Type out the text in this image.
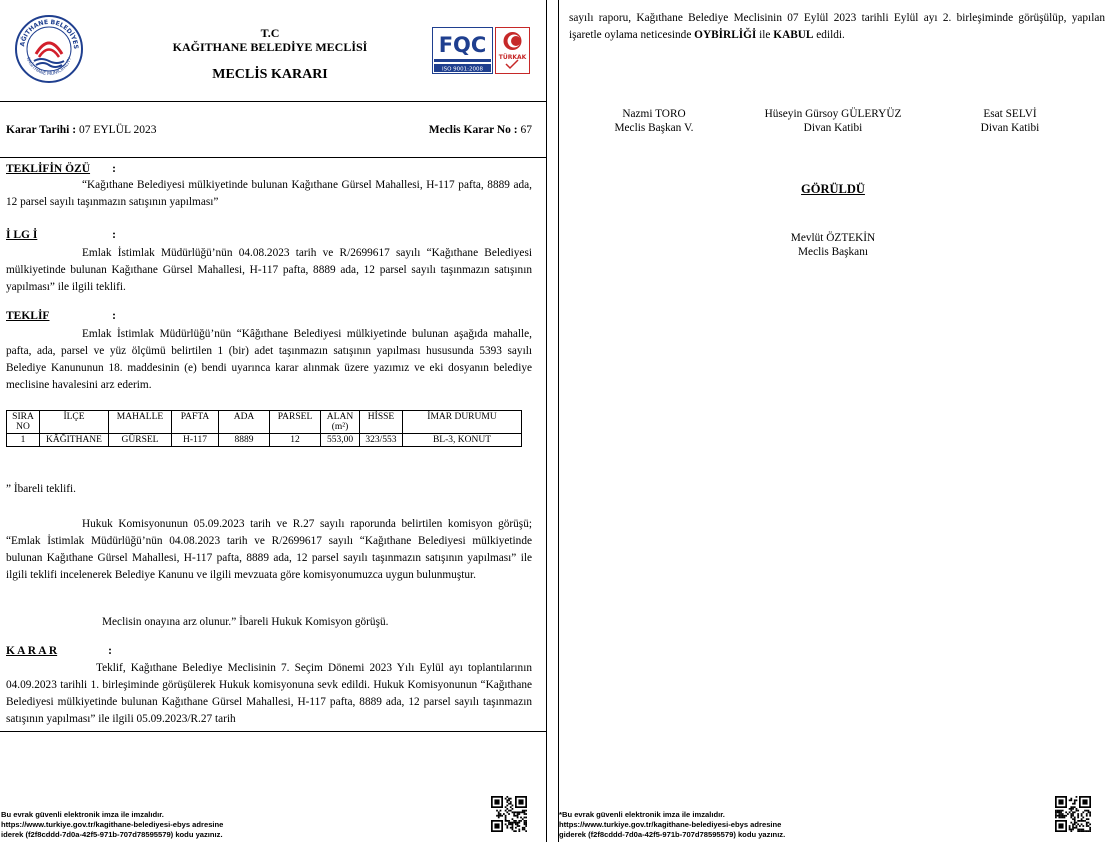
AĞITHANE BELEDİYES
KAĞITHANE MUNICIPALITY
T.C
KAĞITHANE BELEDİYE MECLİSİ
MECLİS KARARI
FQC
ISO 9001:2008
TÜRKAK
Karar Tarihi : 07 EYLÜL 2023	Meclis Karar No : 67
TEKLİFİN ÖZÜ :
“Kağıthane Belediyesi mülkiyetinde bulunan Kağıthane Gürsel Mahallesi, H-117 pafta, 8889 ada, 12 parsel sayılı taşınmazın satışının yapılması”
İ LG İ	:
Emlak İstimlak Müdürlüğü’nün 04.08.2023 tarih ve R/2699617 sayılı “Kağıthane Belediyesi mülkiyetinde bulunan Kağıthane Gürsel Mahallesi, H-117 pafta, 8889 ada, 12 parsel sayılı taşınmazın satışının yapılması” ile ilgili teklifi.
TEKLİF	:
Emlak İstimlak Müdürlüğü’nün “Kâğıthane Belediyesi mülkiyetinde bulunan aşağıda mahalle, pafta, ada, parsel ve yüz ölçümü belirtilen 1 (bir) adet taşınmazın satışının yapılması hususunda 5393 sayılı Belediye Kanununun 18. maddesinin (e) bendi uyarınca karar alınmak üzere yazımız ve eki dosyanın belediye meclisine havalesini arz ederim.
SIRA NO	İLÇE	MAHALLE	PAFTA	ADA	PARSEL	ALAN (m²)	HİSSE	İMAR DURUMU
1	KÂĞITHANE	GÜRSEL	H-117	8889	12	553,00	323/553	BL-3, KONUT
” İbareli teklifi.
Hukuk Komisyonunun 05.09.2023 tarih ve R.27 sayılı raporunda belirtilen komisyon görüşü; “Emlak İstimlak Müdürlüğü’nün 04.08.2023 tarih ve R/2699617 sayılı “Kağıthane Belediyesi mülkiyetinde bulunan Kağıthane Gürsel Mahallesi, H-117 pafta, 8889 ada, 12 parsel sayılı taşınmazın satışının yapılması” ile ilgili teklifi incelenerek Belediye Kanunu ve ilgili mevzuata göre komisyonumuzca uygun bulunmuştur.
Meclisin onayına arz olunur.” İbareli Hukuk Komisyon görüşü.
K A R A R	:
Teklif, Kağıthane Belediye Meclisinin 7. Seçim Dönemi 2023 Yılı Eylül ayı toplantılarının 04.09.2023 tarihli 1. birleşiminde görüşülerek Hukuk komisyonuna sevk edildi. Hukuk Komisyonunun “Kağıthane Belediyesi mülkiyetinde bulunan Kağıthane Gürsel Mahallesi, H-117 pafta, 8889 ada, 12 parsel sayılı taşınmazın satışının yapılması” ile ilgili 05.09.2023/R.27 tarih
Bu evrak güvenli elektronik imza ile imzalıdır.
https://www.turkiye.gov.tr/kagithane-belediyesi-ebys adresine
iderek (f2f8cddd-7d0a-42f5-971b-707d78595579) kodu yazınız.
sayılı raporu, Kağıthane Belediye Meclisinin 07 Eylül 2023 tarihli Eylül ayı 2. birleşiminde görüşülüp, yapılan işaretle oylama neticesinde OYBİRLİĞİ ile KABUL edildi.
Nazmi TORO
Meclis Başkan V.
Hüseyin Gürsoy GÜLERYÜZ
Divan Katibi
Esat SELVİ
Divan Katibi
GÖRÜLDÜ
Mevlüt ÖZTEKİN
Meclis Başkanı
*Bu evrak güvenli elektronik imza ile imzalıdır.
https://www.turkiye.gov.tr/kagithane-belediyesi-ebys adresine
giderek (f2f8cddd-7d0a-42f5-971b-707d78595579) kodu yazınız.
